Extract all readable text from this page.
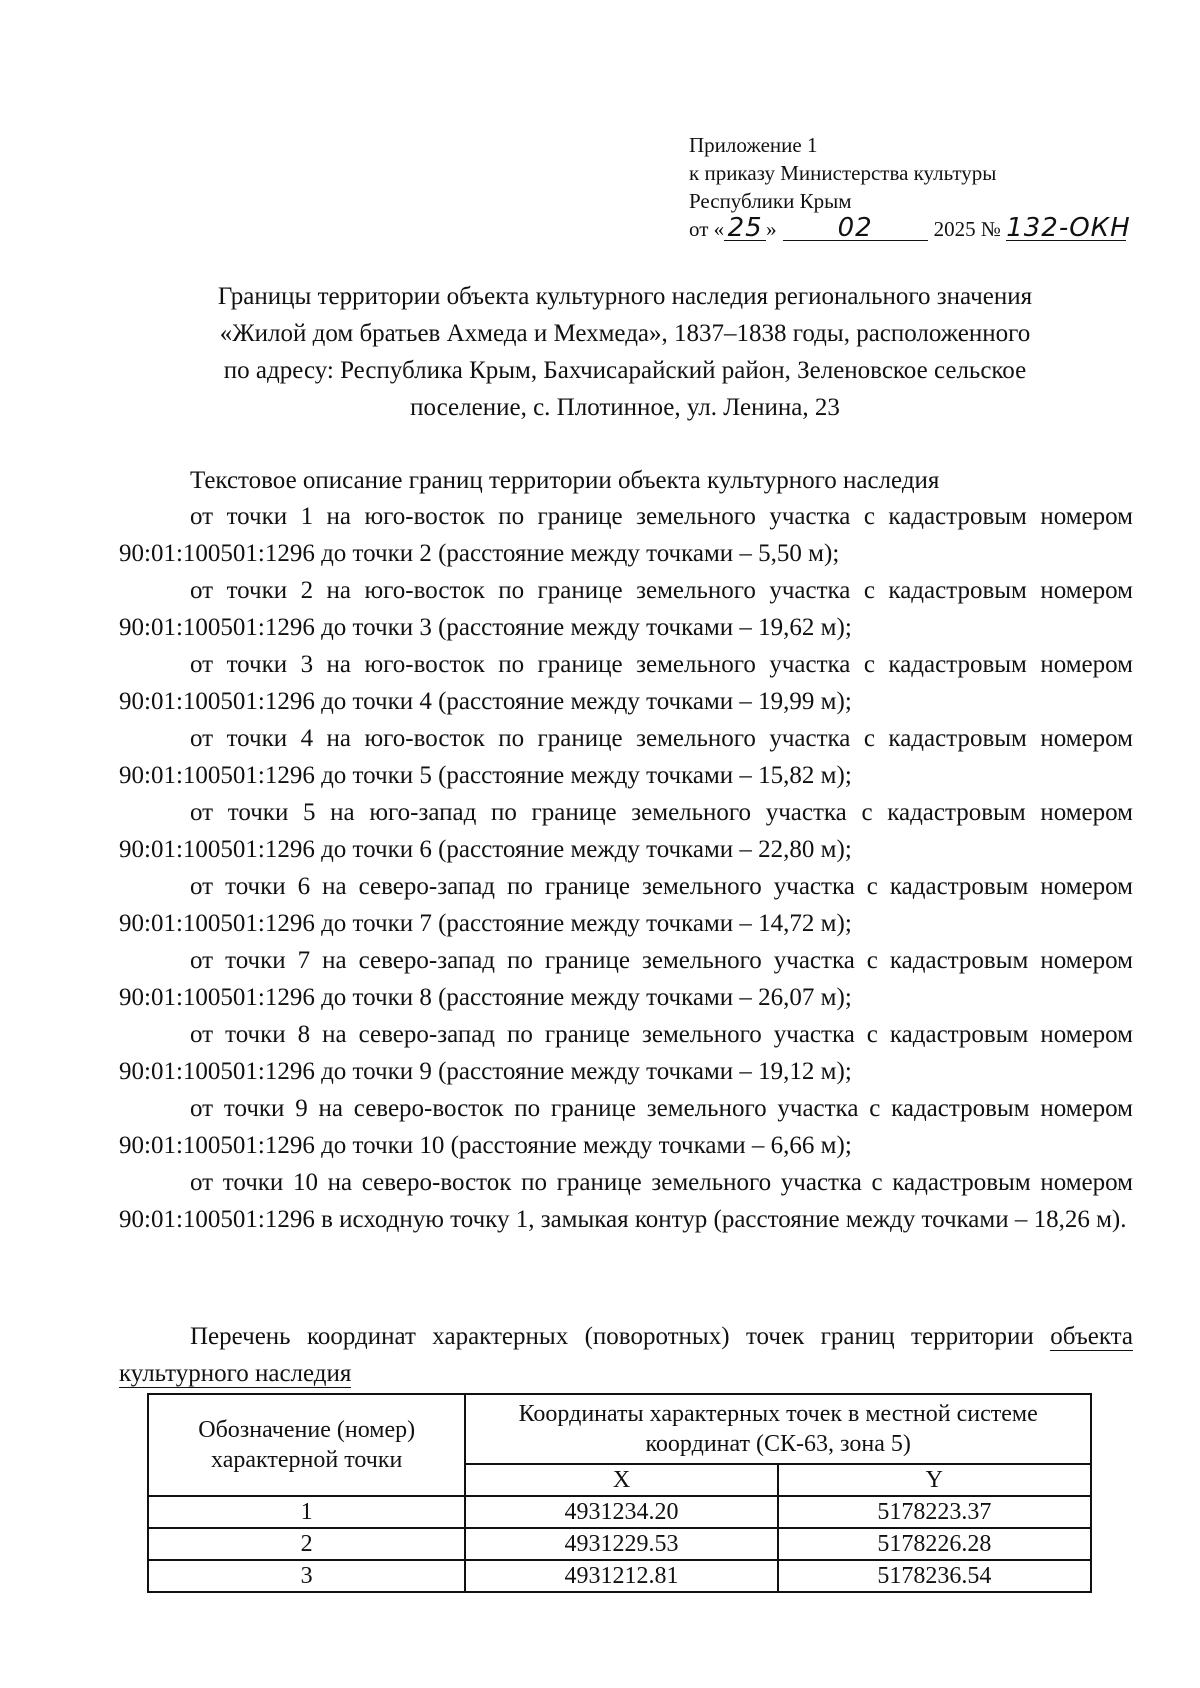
Приложение 1
к приказу Министерства культуры
Республики Крым
от « 25 » 02	2025 № 132-ОКН
Границы территории объекта культурного наследия регионального значения
«Жилой дом братьев Ахмеда и Мехмеда», 1837–1838 годы, расположенного
по адресу: Республика Крым, Бахчисарайский район, Зеленовское сельское
поселение, с. Плотинное, ул. Ленина, 23
Текстовое описание границ территории объекта культурного наследия

от точки 1 на юго-восток по границе земельного участка с кадастровым номером 90:01:100501:1296 до точки 2 (расстояние между точками – 5,50 м);

от точки 2 на юго-восток по границе земельного участка с кадастровым номером 90:01:100501:1296 до точки 3 (расстояние между точками – 19,62 м);

от точки 3 на юго-восток по границе земельного участка с кадастровым номером 90:01:100501:1296 до точки 4 (расстояние между точками – 19,99 м);

от точки 4 на юго-восток по границе земельного участка с кадастровым номером 90:01:100501:1296 до точки 5 (расстояние между точками – 15,82 м);

от точки 5 на юго-запад по границе земельного участка с кадастровым номером 90:01:100501:1296 до точки 6 (расстояние между точками – 22,80 м);

от точки 6 на северо-запад по границе земельного участка с кадастровым номером 90:01:100501:1296 до точки 7 (расстояние между точками – 14,72 м);

от точки 7 на северо-запад по границе земельного участка с кадастровым номером 90:01:100501:1296 до точки 8 (расстояние между точками – 26,07 м);

от точки 8 на северо-запад по границе земельного участка с кадастровым номером 90:01:100501:1296 до точки 9 (расстояние между точками – 19,12 м);

от точки 9 на северо-восток по границе земельного участка с кадастровым номером 90:01:100501:1296 до точки 10 (расстояние между точками – 6,66 м);

от точки 10 на северо-восток по границе земельного участка с кадастровым номером 90:01:100501:1296 в исходную точку 1, замыкая контур (расстояние между точками – 18,26 м).

Перечень координат характерных (поворотных) точек границ территории объекта культурного наследия
Обозначение (номер) характерной точки	Координаты характерных точек в местной системе координат (СК-63, зона 5)	
	X	Y
1	4931234.20	5178223.37
2	4931229.53	5178226.28
3	4931212.81	5178236.54
